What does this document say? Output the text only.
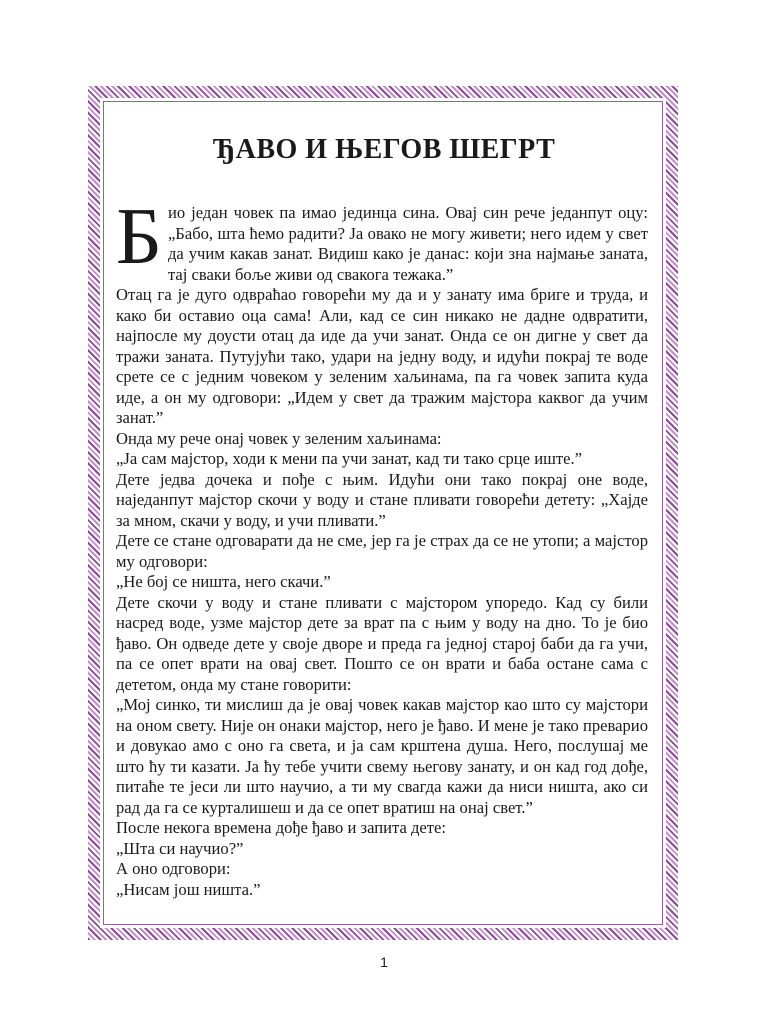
ЂАВО И ЊЕГОВ ШЕГРТ

Био један човек па имао јединца сина. Овај син рече једанпут оцу: „Бабо, шта ћемо радити? Ја овако не могу живети; него идем у свет да учим какав занат. Видиш како је данас: који зна најмање заната, тај сваки боље живи од свакога тежака.”

Отац га је дуго одвраћао говорећи му да и у занату има бриге и труда, и како би оставио оца сама! Али, кад се син никако не дадне одвратити, најпосле му доусти отац да иде да учи занат. Онда се он дигне у свет да тражи заната. Путујући тако, удари на једну воду, и идући покрај те воде срете се с једним човеком у зеленим хаљинама, па га човек запита куда иде, а он му одговори: „Идем у свет да тражим мајстора каквог да учим занат.”

Онда му рече онај човек у зеленим хаљинама:

„Ја сам мајстор, ходи к мени па учи занат, кад ти тако срце иште.”

Дете једва дочека и пође с њим. Идући они тако покрај оне воде, наједанпут мајстор скочи у воду и стане пливати говорећи детету: „Хајде за мном, скачи у воду, и учи пливати.”

Дете се стане одговарати да не сме, јер га је страх да се не утопи; а мајстор му одговори:

„Не бој се ништа, него скачи.”

Дете скочи у воду и стане пливати с мајстором упоредо. Кад су били насред воде, узме мајстор дете за врат па с њим у воду на дно. То је био ђаво. Он одведе дете у своје дворе и преда га једној старој баби да га учи, па се опет врати на овај свет. Пошто се он врати и баба остане сама с дететом, онда му стане говорити:

„Мој синко, ти мислиш да је овај човек какав мајстор као што су мајстори на оном свету. Није он онаки мајстор, него је ђаво. И мене је тако преварио и довукао амо с оно га света, и ја сам крштена душа. Него, послушај ме што ћу ти казати. Ја ћу тебе учити свему његову занату, и он кад год дође, питаће те јеси ли што научио, а ти му свагда кажи да ниси ништа, ако си рад да га се курталишеш и да се опет вратиш на онај свет.”

После некога времена дође ђаво и запита дете:

„Шта си научио?”

А оно одговори:

„Нисам још ништа.”

1
